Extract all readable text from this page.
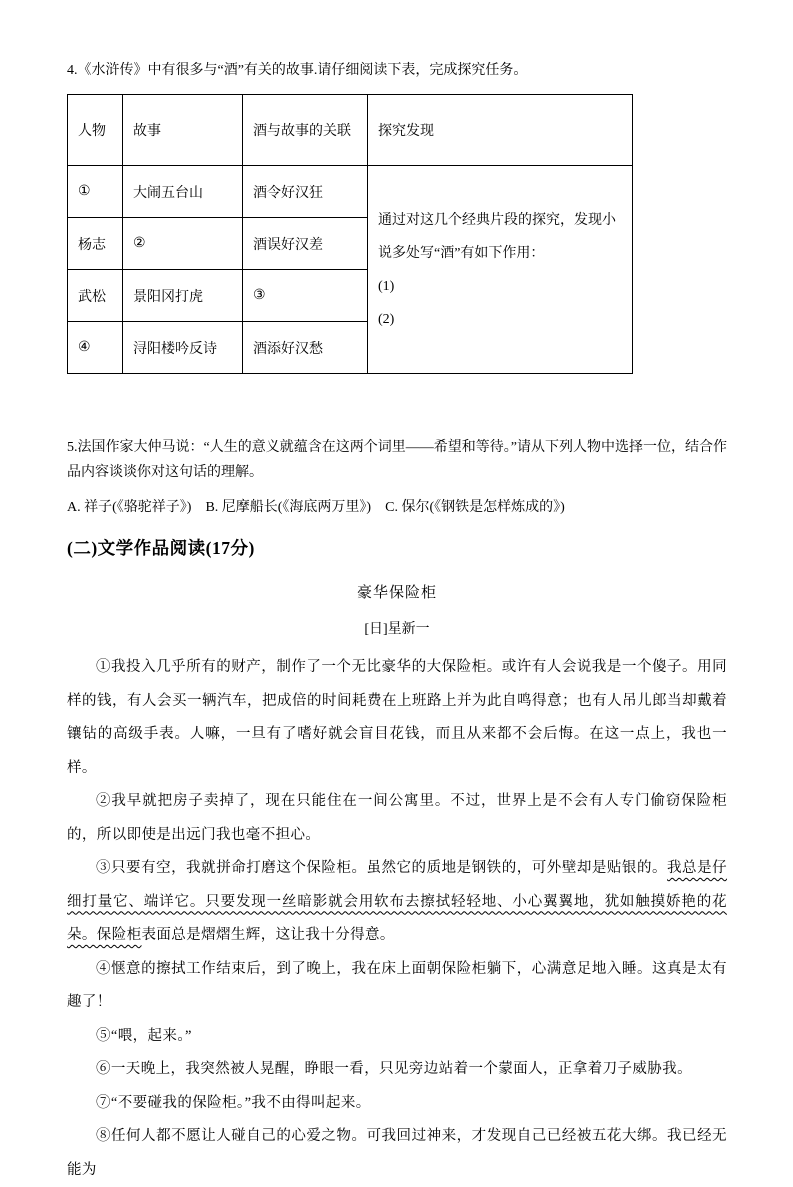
4.《水浒传》中有很多与“酒”有关的故事.请仔细阅读下表，完成探究任务。

人物	故事	酒与故事的关联	探究发现
①	大闹五台山	酒令好汉狂	通过对这几个经典片段的探究，发现小说多处写“酒”有如下作用：
(1)
(2)

杨志	②	酒误好汉差	
武松	景阳冈打虎	③	
④	浔阳楼吟反诗	酒添好汉愁	

5.法国作家大仲马说：“人生的意义就蕴含在这两个词里——希望和等待。”请从下列人物中选择一位，结合作品内容谈谈你对这句话的理解。

A. 祥子(《骆驼祥子》) B. 尼摩船长(《海底两万里》) C. 保尔(《钢铁是怎样炼成的》)
(二)文学作品阅读(17分)
豪华保险柜
[日]星新一

①我投入几乎所有的财产，制作了一个无比豪华的大保险柜。或许有人会说我是一个傻子。用同样的钱，有人会买一辆汽车，把成倍的时间耗费在上班路上并为此自鸣得意；也有人吊儿郎当却戴着镶钻的高级手表。人嘛，一旦有了嗜好就会盲目花钱，而且从来都不会后悔。在这一点上，我也一样。

②我早就把房子卖掉了，现在只能住在一间公寓里。不过，世界上是不会有人专门偷窃保险柜的，所以即使是出远门我也毫不担心。

③只要有空，我就拼命打磨这个保险柜。虽然它的质地是钢铁的，可外壁却是贴银的。我总是仔细打量它、端详它。只要发现一丝暗影就会用软布去擦拭轻轻地、小心翼翼地，犹如触摸娇艳的花朵。保险柜表面总是熠熠生辉，这让我十分得意。

④惬意的擦拭工作结束后，到了晚上，我在床上面朝保险柜躺下，心满意足地入睡。这真是太有趣了！

⑤“喂，起来。”

⑥一天晚上，我突然被人晃醒，睁眼一看，只见旁边站着一个蒙面人，正拿着刀子威胁我。

⑦“不要碰我的保险柜。”我不由得叫起来。

⑧任何人都不愿让人碰自己的心爱之物。可我回过神来，才发现自己已经被五花大绑。我已经无能为
